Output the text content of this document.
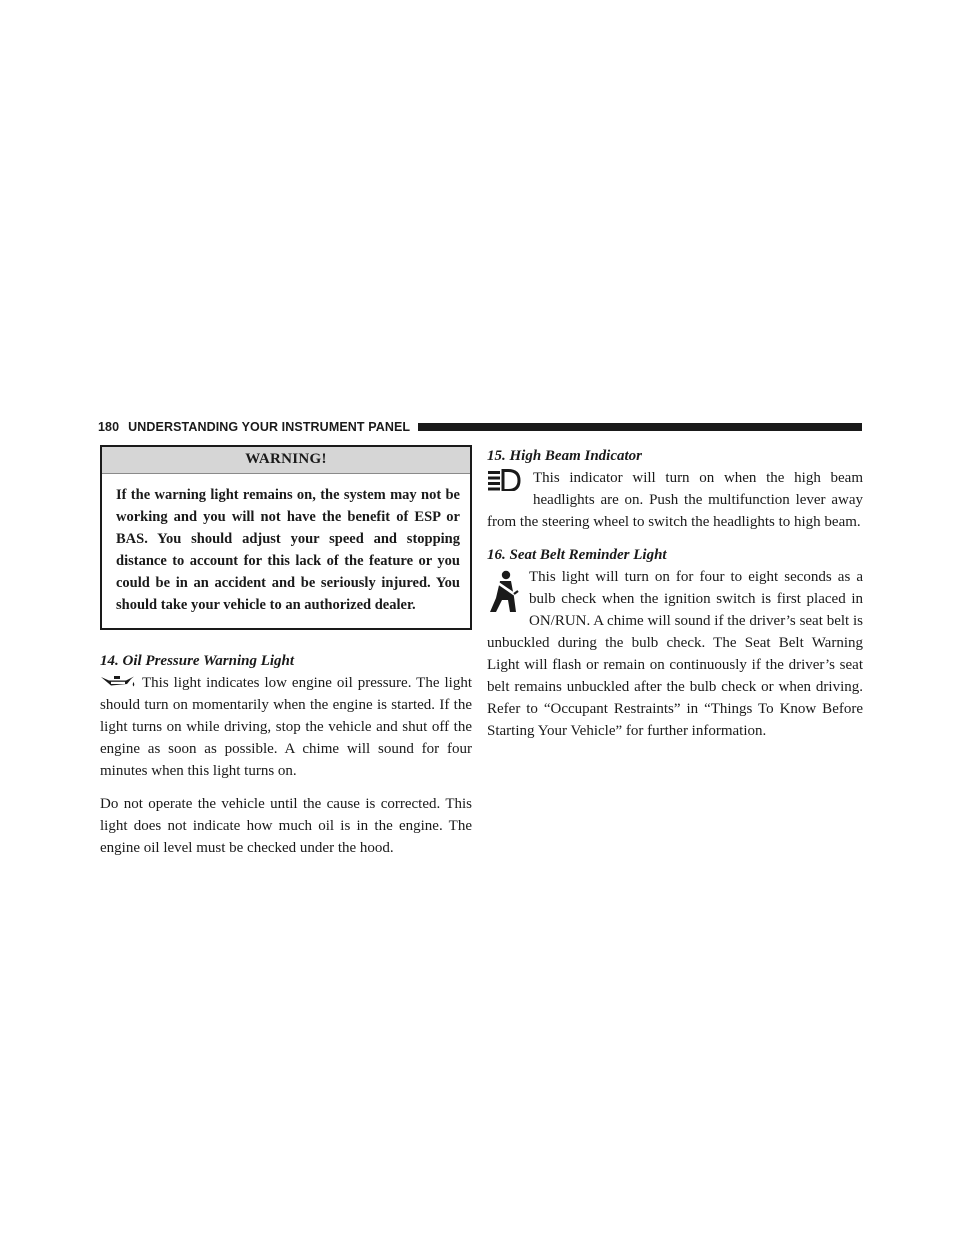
180 UNDERSTANDING YOUR INSTRUMENT PANEL
WARNING!
If the warning light remains on, the system may not be working and you will not have the benefit of ESP or BAS. You should adjust your speed and stopping distance to account for this lack of the feature or you could be in an accident and be seriously injured. You should take your vehicle to an authorized dealer.
14. Oil Pressure Warning Light

This light indicates low engine oil pressure. The light should turn on momentarily when the engine is started. If the light turns on while driving, stop the vehicle and shut off the engine as soon as possible. A chime will sound for four minutes when this light turns on.

Do not operate the vehicle until the cause is corrected. This light does not indicate how much oil is in the engine. The engine oil level must be checked under the hood.

15. High Beam Indicator

This indicator will turn on when the high beam headlights are on. Push the multifunction lever away from the steering wheel to switch the headlights to high beam.

16. Seat Belt Reminder Light

This light will turn on for four to eight seconds as a bulb check when the ignition switch is first placed in ON/RUN. A chime will sound if the driver’s seat belt is unbuckled during the bulb check. The Seat Belt Warning Light will flash or remain on continuously if the driver’s seat belt remains unbuckled after the bulb check or when driving. Refer to “Occupant Restraints” in “Things To Know Before Starting Your Vehicle” for further information.
